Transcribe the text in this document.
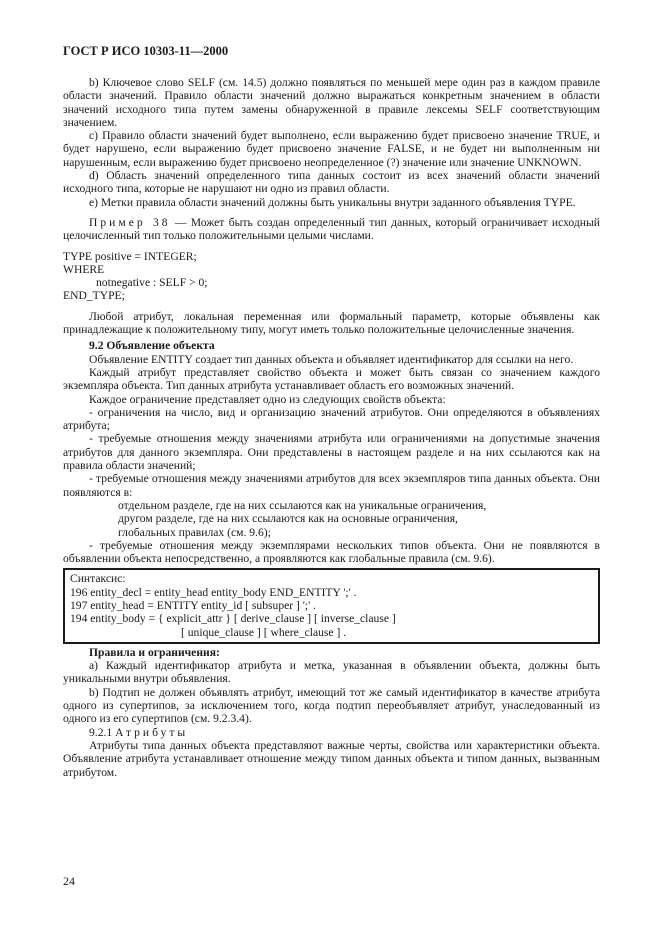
ГОСТ Р ИСО 10303-11—2000

b) Ключевое слово SELF (см. 14.5) должно появляться по меньшей мере один раз в каждом правиле области значений. Правило области значений должно выражаться конкретным значением в области значений исходного типа путем замены обнаруженной в правиле лексемы SELF соответствующим значением.

с) Правило области значений будет выполнено, если выражению будет присвоено значение TRUE, и будет нарушено, если выражению будет присвоено значение FALSE, и не будет ни выполненным ни нарушенным, если выражению будет присвоено неопределенное (?) значение или значение UNKNOWN.

d) Область значений определенного типа данных состоит из всех значений области значений исходного типа, которые не нарушают ни одно из правил области.

e) Метки правила области значений должны быть уникальны внутри заданного объявления TYPE.

Пример 38 — Может быть создан определенный тип данных, который ограничивает исходный целочисленный тип только положительными целыми числами.

TYPE positive = INTEGER;

WHERE

notnegative : SELF > 0;

END_TYPE;

Любой атрибут, локальная переменная или формальный параметр, которые объявлены как принадлежащие к положительному типу, могут иметь только положительные целочисленные значения.

9.2 Объявление объекта

Объявление ENTITY создает тип данных объекта и объявляет идентификатор для ссылки на него.

Каждый атрибут представляет свойство объекта и может быть связан со значением каждого экземпляра объекта. Тип данных атрибута устанавливает область его возможных значений.

Каждое ограничение представляет одно из следующих свойств объекта:

- ограничения на число, вид и организацию значений атрибутов. Они определяются в объявлениях атрибута;

- требуемые отношения между значениями атрибута или ограничениями на допустимые значения атрибутов для данного экземпляра. Они представлены в настоящем разделе и на них ссылаются как на правила области значений;

- требуемые отношения между значениями атрибутов для всех экземпляров типа данных объекта. Они появляются в:

отдельном разделе, где на них ссылаются как на уникальные ограничения,

другом разделе, где на них ссылаются как на основные ограничения,

глобальных правилах (см. 9.6);

- требуемые отношения между экземплярами нескольких типов объекта. Они не появляются в объявлении объекта непосредственно, а проявляются как глобальные правила (см. 9.6).

Синтаксис:

196 entity_decl = entity_head entity_body END_ENTITY ';' .

197 entity_head = ENTITY entity_id [ subsuper ] ';' .

194 entity_body = { explicit_attr } [ derive_clause ] [ inverse_clause ]

[ unique_clause ] [ where_clause ] .

Правила и ограничения:

а) Каждый идентификатор атрибута и метка, указанная в объявлении объекта, должны быть уникальными внутри объявления.

b) Подтип не должен объявлять атрибут, имеющий тот же самый идентификатор в качестве атрибута одного из супертипов, за исключением того, когда подтип переобъявляет атрибут, унаследованный из одного из его супертипов (см. 9.2.3.4).

9.2.1 Атрибуты

Атрибуты типа данных объекта представляют важные черты, свойства или характеристики объекта. Объявление атрибута устанавливает отношение между типом данных объекта и типом данных, вызванным атрибутом.

24
